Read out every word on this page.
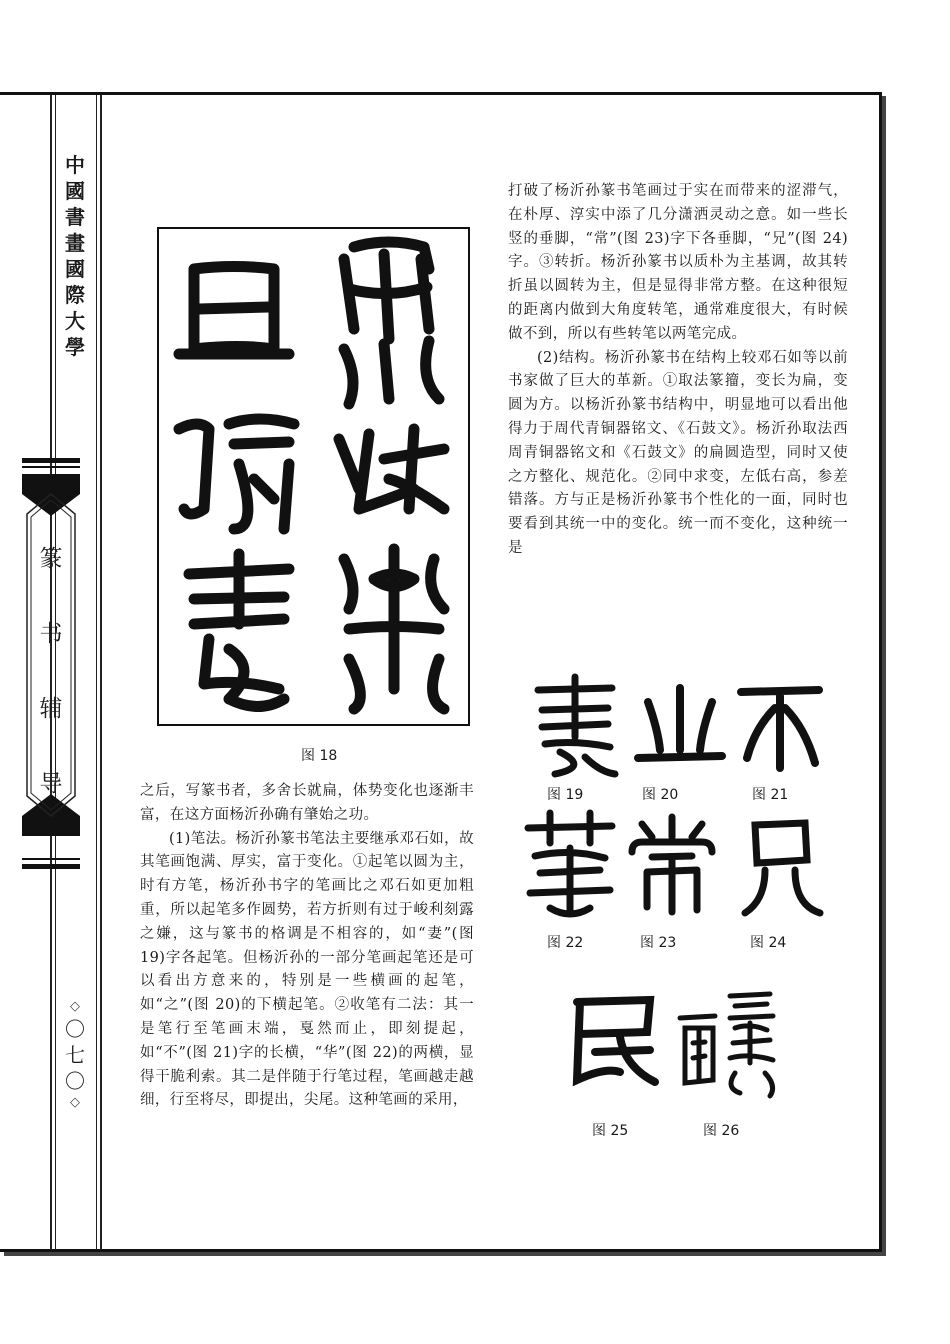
中
國
書
畫
國
際
大
學
篆
书
辅
导
◇
〇
七
〇
◇
图 18

之后，写篆书者，多舍长就扁，体势变化也逐渐丰富，在这方面杨沂孙确有肇始之功。

(1)笔法。杨沂孙篆书笔法主要继承邓石如，故其笔画饱满、厚实，富于变化。①起笔以圆为主，时有方笔，杨沂孙书字的笔画比之邓石如更加粗重，所以起笔多作圆势，若方折则有过于峻利刻露之嫌，这与篆书的格调是不相容的，如“妻”(图 19)字各起笔。但杨沂孙的一部分笔画起笔还是可以看出方意来的，特别是一些横画的起笔，如“之”(图 20)的下横起笔。②收笔有二法：其一是笔行至笔画末端，戛然而止，即刻提起，如“不”(图 21)字的长横，“华”(图 22)的两横，显得干脆利索。其二是伴随于行笔过程，笔画越走越细，行至将尽，即提出，尖尾。这种笔画的采用，

打破了杨沂孙篆书笔画过于实在而带来的涩滞气，在朴厚、淳实中添了几分潇洒灵动之意。如一些长竖的垂脚，“常”(图 23)字下各垂脚，“兄”(图 24)字。③转折。杨沂孙篆书以质朴为主基调，故其转折虽以圆转为主，但是显得非常方整。在这种很短的距离内做到大角度转笔，通常难度很大，有时候做不到，所以有些转笔以两笔完成。

(2)结构。杨沂孙篆书在结构上较邓石如等以前书家做了巨大的革新。①取法篆籀，变长为扁，变圆为方。以杨沂孙篆书结构中，明显地可以看出他得力于周代青铜器铭文、《石鼓文》。杨沂孙取法西周青铜器铭文和《石鼓文》的扁圆造型，同时又使之方整化、规范化。②同中求变，左低右高，参差错落。方与正是杨沂孙篆书个性化的一面，同时也要看到其统一中的变化。统一而不变化，这种统一是

图 19	图 20	图 21
图 22	图 23	图 24
图 25	图 26
